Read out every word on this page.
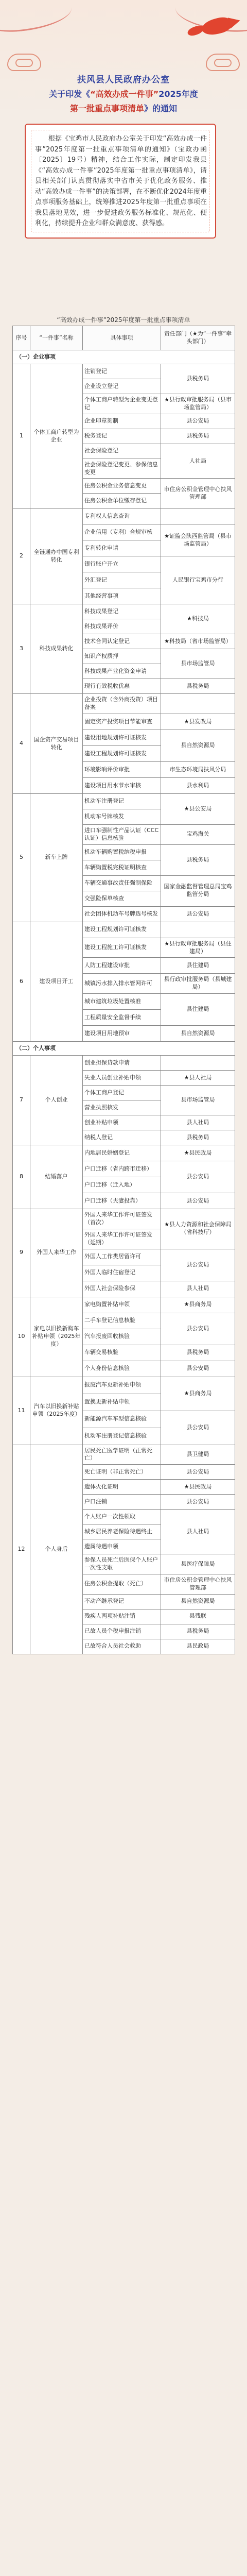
扶风县人民政府办公室
关于印发《“高效办成一件事”2025年度
第一批重点事项清单》的通知
根据《宝鸡市人民政府办公室关于印发“高效办成一件事”2025年度第一批重点事项清单的通知》（宝政办函〔2025〕19号）精神，结合工作实际，制定印发我县《“高效办成一件事”2025年度第一批重点事项清单》，请县相关部门认真贯彻落实中省市关于优化政务服务、推动“高效办成一件事”的决策部署，在不断优化2024年度重点事项服务基础上，统筹推进2025年度第一批重点事项在我县落地见效，进一步促进政务服务标准化、规范化、便利化，持续提升企业和群众满意度、获得感。
“高效办成一件事”2025年度第一批重点事项清单
序号	“一件事”名称	具体事项	责任部门（★为“一件事”牵头部门）
（一）企业事项			
1	个体工商户转型为企业	注销登记	县税务局
		企业设立登记	
		个体工商户转型为企业变更登记	★县行政审批服务局（县市场监管局）
		企业印章刻制	县公安局
		税务登记	县税务局
		社会保险登记	人社局
		社会保险登记变更、参保信息变更	
		住房公积金业务信息变更	市住房公积金管理中心扶风管理部
		住房公积金单位缴存登记	
2	全链通办中国专利转化	专利权人信息查询	
		企业信用（专利）合规审核	★证监会陕西监管局（县市场监管局）
		专利转化申请	
		银行账户开立	人民银行宝鸡市分行
		外汇登记	
		其他经营事项	
3	科技成果转化	科技成果登记	★科技局
		科技成果评价	
		技术合同认定登记	★科技局（省市场监管局）
		知识产权质押	县市场监管局
		科技成果产业化资金申请	
		现行有效税收优惠	县税务局
4	国企资产交易项目转化	企业投资（含外商投资）项目备案	
		固定资产投资项目节能审查	★县发改局
		建设用地规划许可证核发	县自然资源局
		建设工程规划许可证核发	
		环境影响评价审批	市生态环境局扶风分局
		建设项目用水节水审核	县水利局
5	新车上牌	机动车注册登记	★县公安局
		机动车号牌核发	
		进口车强制性产品认证（CCC认证）信息核验	宝鸡海关
		机动车辆购置税纳税申报	县税务局
		车辆购置税完税证明核查	
		车辆交通事故责任强制保险	国家金融监督管理总局宝鸡监管分局
		交强险保单核查	
		社会团体机动车号牌选号核发	县公安局
6	建设项目开工	建设工程规划许可证核发	
		建设工程施工许可证核发	★县行政审批服务局（县住建局）
		人防工程建设审批	县住建局
		城镇污水排入排水管网许可	县行政审批服务局（县城建局）
		城市建筑垃圾处置核准	县住建局
		工程质量安全监督手续	
		建设项目用地预审	县自然资源局
（二）个人事项			
7	个人创业	创业担保贷款申请	
		失业人员创业补贴申领	★县人社局
		个体工商户登记	县市场监管局
		营业执照核发	
		创业补贴申领	县人社局
		纳税人登记	县税务局
8	结婚落户	内地居民婚姻登记	★县民政局
		户口迁移（省内跨市迁移）	县公安局
		户口迁移（迁入地）	
		户口迁移（夫妻投靠）	县公安局
9	外国人来华工作	外国人来华工作许可证签发（首次）	★县人力资源和社会保障局（省科技厅）
		外国人来华工作许可证签发（延期）	
		外国人工作类居留许可	县公安局
		外国人临时住宿登记	
		外国人社会保险参保	县人社局
10	家电以旧换新购车补贴申领（2025年度）	家电购置补贴申领	★县商务局
		二手车登记信息核验	县公安局
		汽车报废回收核验	
		车辆交易核验	县税务局
		个人身份信息核验	县公安局
11	汽车以旧换新补贴申领（2025年度）	报废汽车更新补贴申领	★县商务局
		置换更新补贴申领	
		新能源汽车车型信息核验	县公安局
		机动车注册登记信息核验	
12	个人身后	居民死亡医学证明（正常死亡）	县卫健局
		死亡证明（非正常死亡）	县公安局
		遗体火化证明	★县民政局
		户口注销	县公安局
		个人账户一次性领取	县人社局
		城乡居民养老保险待遇终止	
		遗属待遇申领	
		参保人员死亡后医保个人账户一次性支取	县医疗保障局
		住房公积金提取（死亡）	市住房公积金管理中心扶风管理部
		不动产继承登记	县自然资源局
		残疾人两项补贴注销	县残联
		已故人员个税申报注销	县税务局
		已故符合人员社会救助	县民政局
